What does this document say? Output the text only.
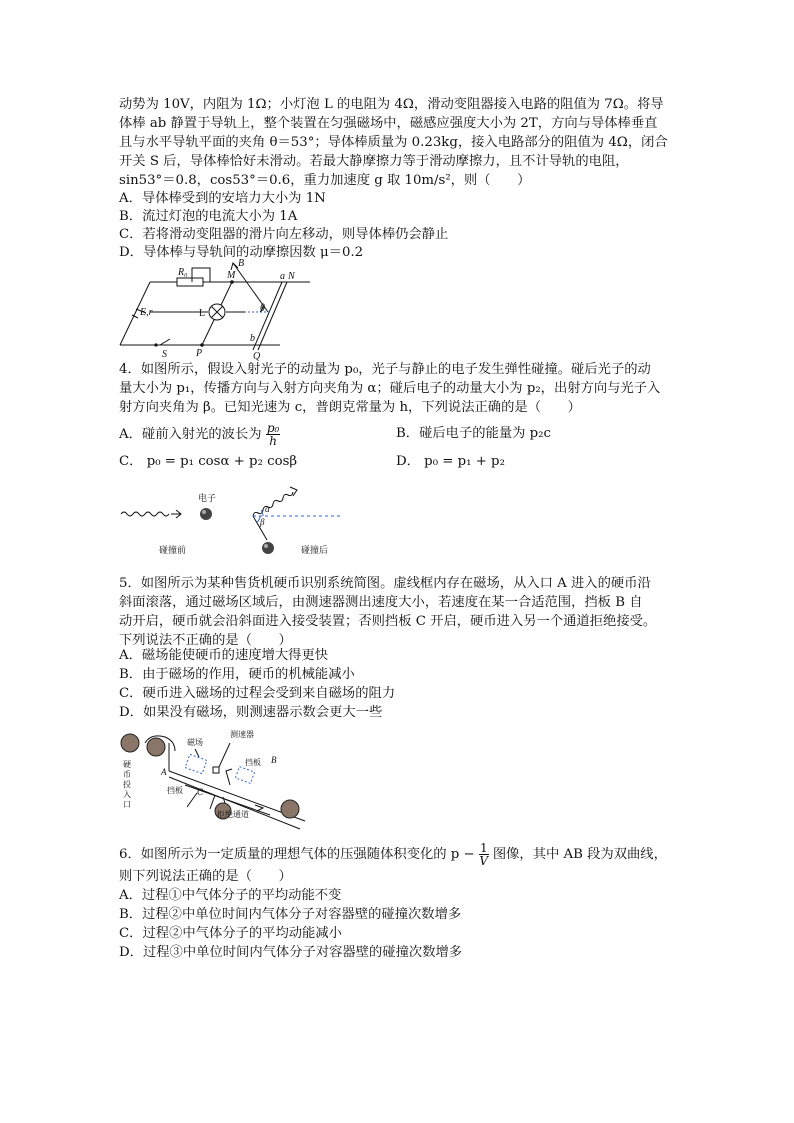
动势为 10V，内阻为 1Ω；小灯泡 L 的电阻为 4Ω，滑动变阻器接入电路的阻值为 7Ω。将导
体棒 ab 静置于导轨上，整个装置在匀强磁场中，磁感应强度大小为 2T，方向与导体棒垂直
且与水平导轨平面的夹角 θ＝53°；导体棒质量为 0.23kg，接入电路部分的阻值为 4Ω，闭合
开关 S 后，导体棒恰好未滑动。若最大静摩擦力等于滑动摩擦力，且不计导轨的电阻，
sin53°＝0.8，cos53°＝0.6，重力加速度 g 取 10m/s²，则（　　）
A．导体棒受到的安培力大小为 1N
B．流过灯泡的电流大小为 1A
C．若将滑动变阻器的滑片向左移动，则导体棒仍会静止
D．导体棒与导轨间的动摩擦因数 μ＝0.2
R₀	M
B
a N
E,r	L	θ
b
S	P	Q
4．如图所示，假设入射光子的动量为 p₀，光子与静止的电子发生弹性碰撞。碰后光子的动
量大小为 p₁，传播方向与入射方向夹角为 α；碰后电子的动量大小为 p₂，出射方向与光子入
射方向夹角为 β。已知光速为 c，普朗克常量为 h，下列说法正确的是（　　）
A．碰前入射光的波长为 $\frac{\text{p₀}}{h}$	B．碰后电子的能量为 p₂c
C． p₀ = p₁ cosα + p₂ cosβ	D． p₀ = p₁ + p₂
电子
碰撞前	碰撞后
α
β
5．如图所示为某种售货机硬币识别系统简图。虚线框内存在磁场，从入口 A 进入的硬币沿
斜面滚落，通过磁场区域后，由测速器测出速度大小，若速度在某一合适范围，挡板 B 自
动开启，硬币就会沿斜面进入接受装置；否则挡板 C 开启，硬币进入另一个通道拒绝接受。
下列说法不正确的是（　　）
A．磁场能使硬币的速度增大得更快
B．由于磁场的作用，硬币的机械能减小
C．硬币进入磁场的过程会受到来自磁场的阻力
D．如果没有磁场，则测速器示数会更大一些
磁场
测速器
挡板
挡板
拒绝通道
硬
币
投
入
口
A
B
C
6．如图所示为一定质量的理想气体的压强随体积变化的 $p - \frac{1}{V}$ 图像，其中 AB 段为双曲线，
则下列说法正确的是（　　）
A．过程①中气体分子的平均动能不变
B．过程②中单位时间内气体分子对容器壁的碰撞次数增多
C．过程②中气体分子的平均动能减小
D．过程③中单位时间内气体分子对容器壁的碰撞次数增多
